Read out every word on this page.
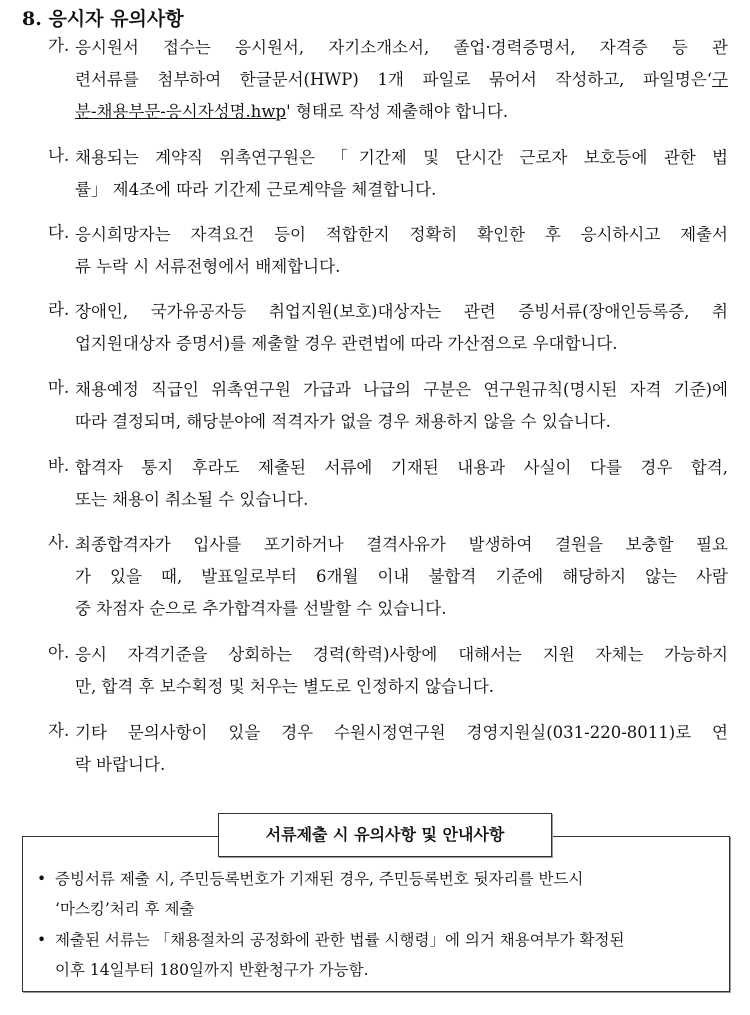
8. 응시자 유의사항
가. 응시원서 접수는 응시원서, 자기소개소서, 졸업·경력증명서, 자격증 등 관
련서류를 첨부하여 한글문서(HWP) 1개 파일로 묶어서 작성하고, 파일명은‘구
분-채용부문-응시자성명.hwp' 형태로 작성 제출해야 합니다.
나. 채용되는 계약직 위촉연구원은 「기간제 및 단시간 근로자 보호등에 관한 법
률」 제4조에 따라 기간제 근로계약을 체결합니다.
다. 응시희망자는 자격요건 등이 적합한지 정확히 확인한 후 응시하시고 제출서
류 누락 시 서류전형에서 배제합니다.
라. 장애인, 국가유공자등 취업지원(보호)대상자는 관련 증빙서류(장애인등록증, 취
업지원대상자 증명서)를 제출할 경우 관련법에 따라 가산점으로 우대합니다.
마. 채용예정 직급인 위촉연구원 가급과 나급의 구분은 연구원규칙(명시된 자격 기준)에
따라 결정되며, 해당분야에 적격자가 없을 경우 채용하지 않을 수 있습니다.
바. 합격자 통지 후라도 제출된 서류에 기재된 내용과 사실이 다를 경우 합격,
또는 채용이 취소될 수 있습니다.
사. 최종합격자가 입사를 포기하거나 결격사유가 발생하여 결원을 보충할 필요
가 있을 때, 발표일로부터 6개월 이내 불합격 기준에 해당하지 않는 사람
중 차점자 순으로 추가합격자를 선발할 수 있습니다.
아. 응시 자격기준을 상회하는 경력(학력)사항에 대해서는 지원 자체는 가능하지
만, 합격 후 보수획정 및 처우는 별도로 인정하지 않습니다.
자. 기타 문의사항이 있을 경우 수원시정연구원 경영지원실(031-220-8011)로 연
락 바랍니다.
• 증빙서류 제출 시, 주민등록번호가 기재된 경우, 주민등록번호 뒷자리를 반드시
‘마스킹’처리 후 제출
• 제출된 서류는 「채용절차의 공정화에 관한 법률 시행령」에 의거 채용여부가 확정된
이후 14일부터 180일까지 반환청구가 가능함.
서류제출 시 유의사항 및 안내사항
